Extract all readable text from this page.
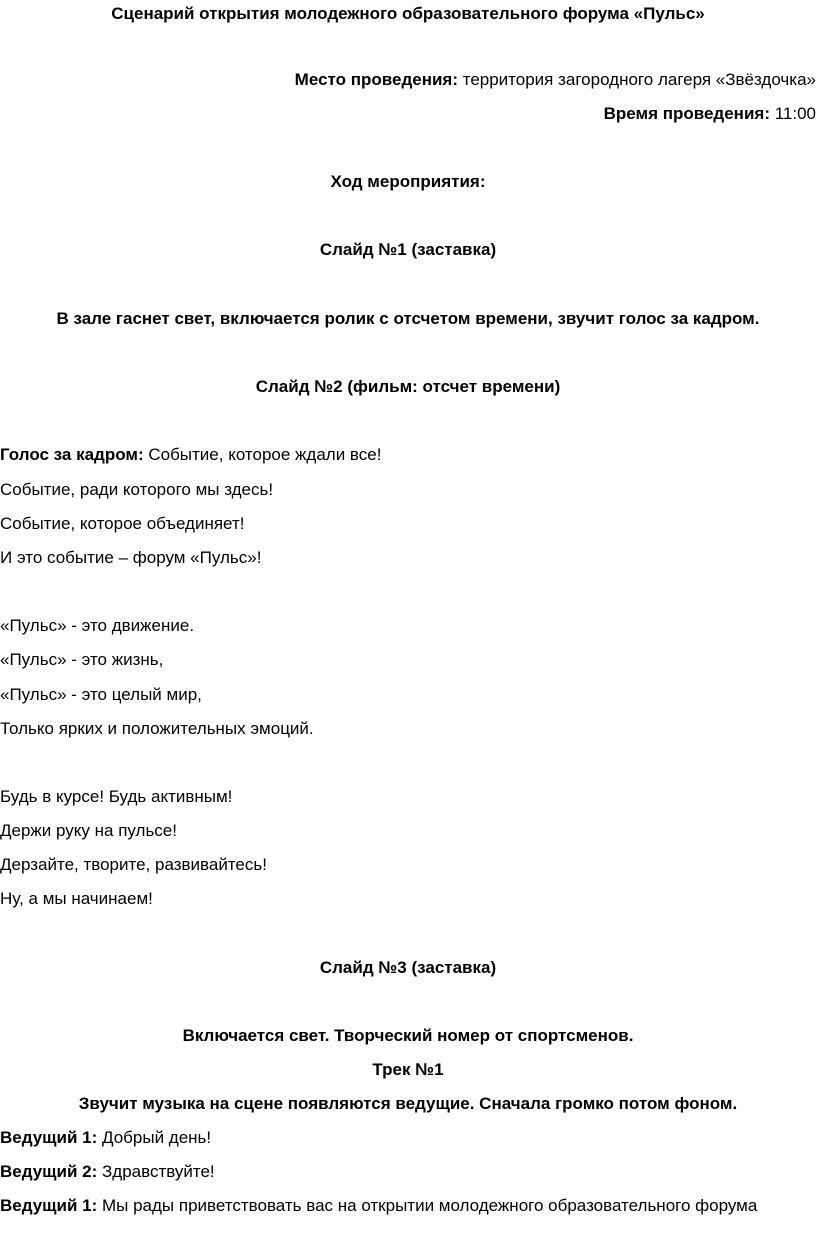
Сценарий открытия молодежного образовательного форума «Пульс»
Место проведения: территория загородного лагеря «Звёздочка»
Время проведения: 11:00
Ход мероприятия:
Слайд №1 (заставка)
В зале гаснет свет, включается ролик с отсчетом времени, звучит голос за кадром.
Слайд №2 (фильм: отсчет времени)
Голос за кадром: Событие, которое ждали все!
Событие, ради которого мы здесь!
Событие, которое объединяет!
И это событие – форум «Пульс»!
«Пульс» - это движение.
«Пульс» - это жизнь,
«Пульс» - это целый мир,
Только ярких и положительных эмоций.
Будь в курсе! Будь активным!
Держи руку на пульсе!
Дерзайте, творите, развивайтесь!
Ну, а мы начинаем!
Слайд №3 (заставка)
Включается свет. Творческий номер от спортсменов.
Трек №1
Звучит музыка на сцене появляются ведущие. Сначала громко потом фоном.
Ведущий 1: Добрый день!
Ведущий 2: Здравствуйте!
Ведущий 1: Мы рады приветствовать вас на открытии молодежного образовательного форума
